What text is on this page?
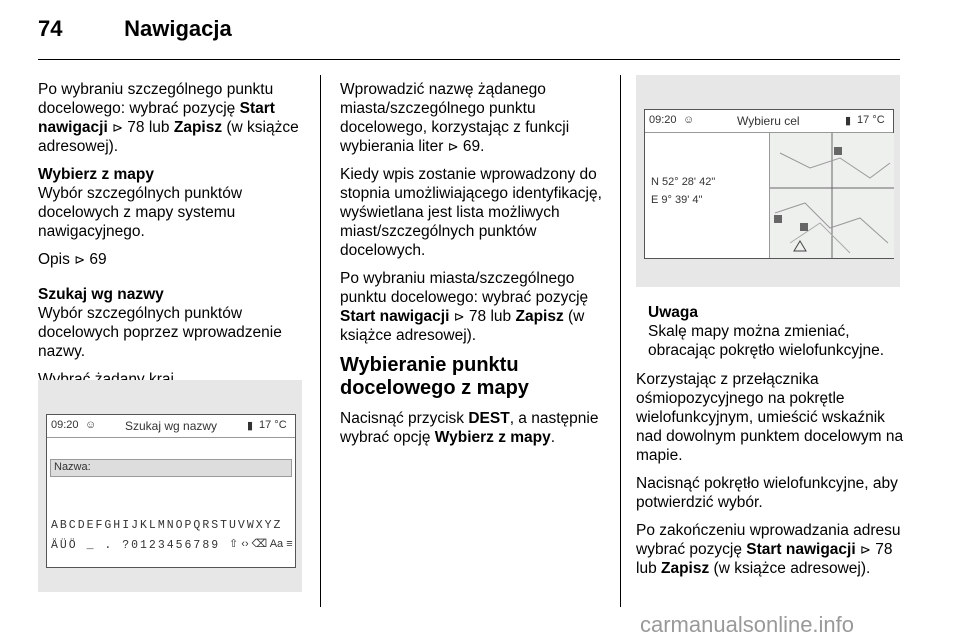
74	Nawigacja

Po wybraniu szczególnego punktu docelowego: wybrać pozycję Start nawigacji ⊳ 78 lub Zapisz (w książce adresowej).

Wybierz z mapy
Wybór szczególnych punktów docelowych z mapy systemu nawigacyjnego.

Opis ⊳ 69

Szukaj wg nazwy
Wybór szczególnych punktów docelowych poprzez wprowadzenie nazwy.

09:20 ☺ Szukaj wg nazwy	▮ 17 °C
Nazwa:
ABCDEFGHIJKLMNOPQRSTUVWXYZ
ÄÜÖ _ . ?0123456789 ⇧ ‹› ⌫ Aa ≡

Wprowadzić nazwę żądanego miasta/szczególnego punktu docelowego, korzystając z funkcji wybierania liter ⊳ 69.

Kiedy wpis zostanie wprowadzony do stopnia umożliwiającego identyfikację, wyświetlana jest lista możliwych miast/szczególnych punktów docelowych.

Po wybraniu miasta/szczególnego punktu docelowego: wybrać pozycję Start nawigacji ⊳ 78 lub Zapisz (w książce adresowej).

Wybieranie punktu docelowego z mapy

Nacisnąć przycisk DEST, a następnie wybrać opcję Wybierz z mapy.

09:20 ☺	Wybieru cel	▮ 17 °C
N 52° 28' 42"
E 9° 39' 4"

Uwaga
Skalę mapy można zmieniać, obracając pokrętło wielofunkcyjne.

Korzystając z przełącznika ośmiopozycyjnego na pokrętle wielofunkcyjnym, umieścić wskaźnik nad dowolnym punktem docelowym na mapie.

Nacisnąć pokrętło wielofunkcyjne, aby potwierdzić wybór.

Po zakończeniu wprowadzania adresu wybrać pozycję Start nawigacji ⊳ 78 lub Zapisz (w książce adresowej).

carmanualsonline.info
